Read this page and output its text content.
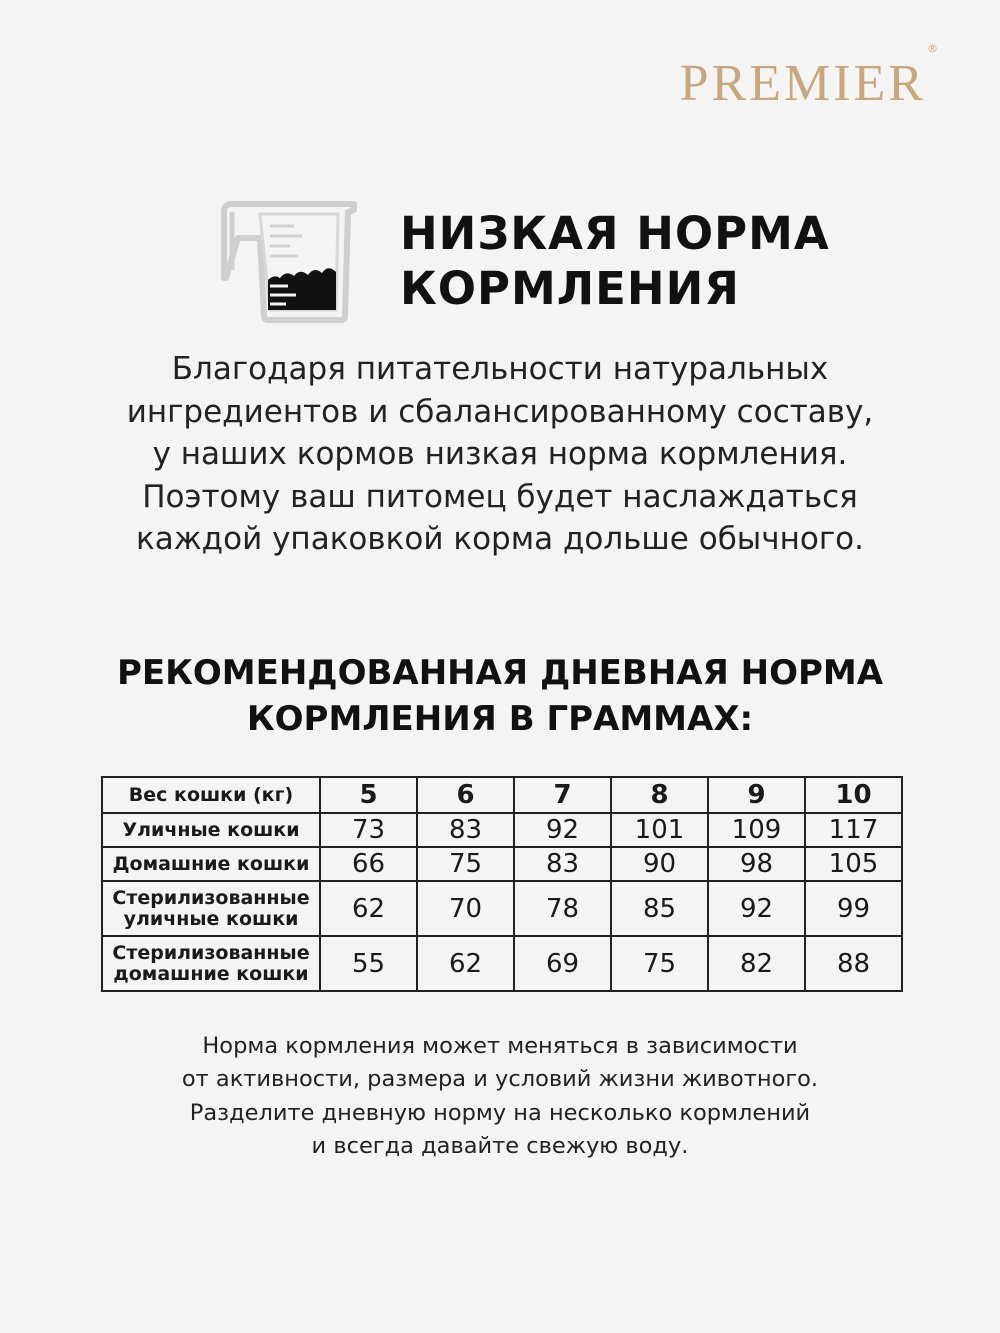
PREMIER®
НИЗКАЯ НОРМА
КОРМЛЕНИЯ

Благодаря питательности натуральных
ингредиентов и сбалансированному составу,
у наших кормов низкая норма кормления.
Поэтому ваш питомец будет наслаждаться
каждой упаковкой корма дольше обычного.

РЕКОМЕНДОВАННАЯ ДНЕВНАЯ НОРМА
КОРМЛЕНИЯ В ГРАММАХ:
Вес кошки (кг)	5	6	7	8	9	10
Уличные кошки	73	83	92	101	109	117
Домашние кошки	66	75	83	90	98	105

Стерилизованные
уличные кошки	62	70	78	85	92	99

Стерилизованные
домашние кошки	55	62	69	75	82	88

Норма кормления может меняться в зависимости
от активности, размера и условий жизни животного.
Разделите дневную норму на несколько кормлений
и всегда давайте свежую воду.
